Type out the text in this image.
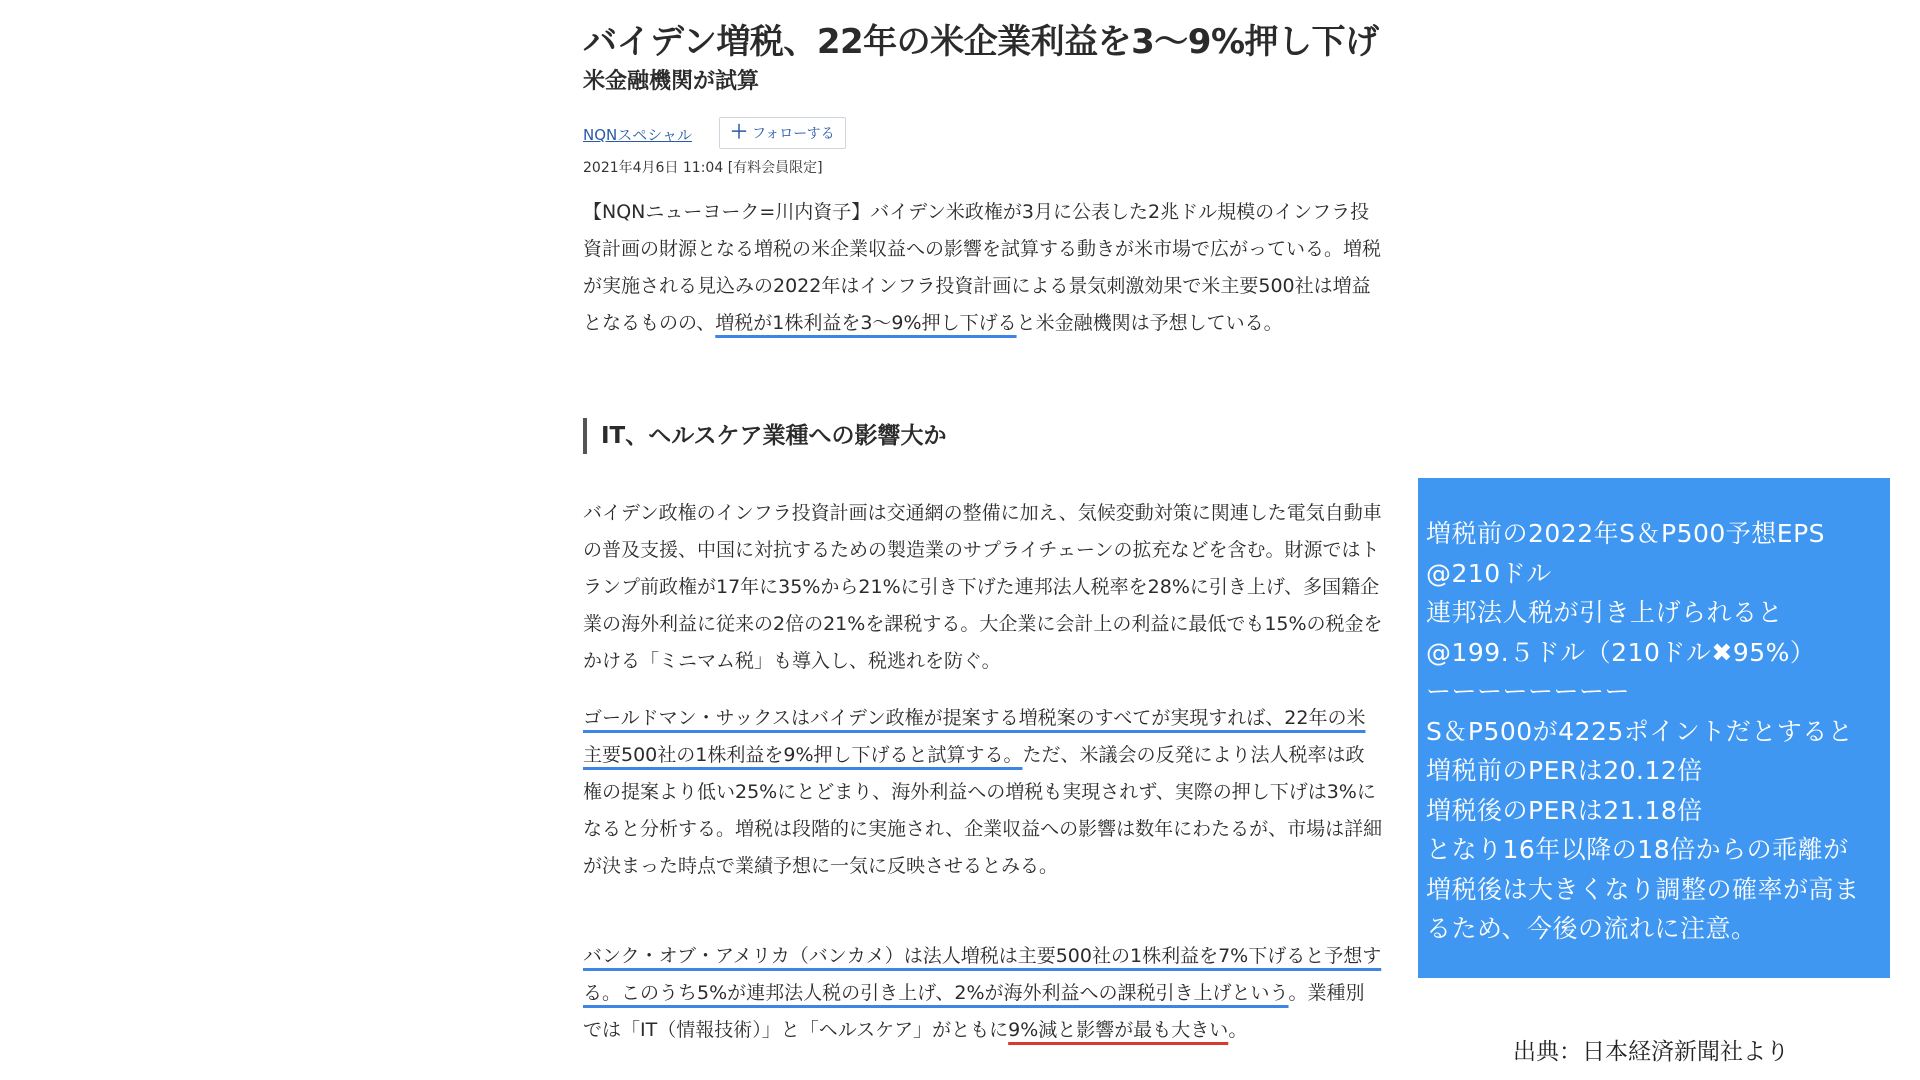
バイデン増税、22年の米企業利益を3〜9%押し下げ
米金融機関が試算
NQNスペシャル ＋ フォローする
2021年4月6日 11:04 [有料会員限定]

【NQNニューヨーク=川内資子】バイデン米政権が3月に公表した2兆ドル規模のインフラ投資計画の財源となる増税の米企業収益への影響を試算する動きが米市場で広がっている。増税が実施される見込みの2022年はインフラ投資計画による景気刺激効果で米主要500社は増益となるものの、増税が1株利益を3〜9%押し下げると米金融機関は予想している。

IT、ヘルスケア業種への影響大か

バイデン政権のインフラ投資計画は交通網の整備に加え、気候変動対策に関連した電気自動車の普及支援、中国に対抗するための製造業のサプライチェーンの拡充などを含む。財源ではトランプ前政権が17年に35%から21%に引き下げた連邦法人税率を28%に引き上げ、多国籍企業の海外利益に従来の2倍の21%を課税する。大企業に会計上の利益に最低でも15%の税金をかける「ミニマム税」も導入し、税逃れを防ぐ。

ゴールドマン・サックスはバイデン政権が提案する増税案のすべてが実現すれば、22年の米主要500社の1株利益を9%押し下げると試算する。ただ、米議会の反発により法人税率は政権の提案より低い25%にとどまり、海外利益への増税も実現されず、実際の押し下げは3%になると分析する。増税は段階的に実施され、企業収益への影響は数年にわたるが、市場は詳細が決まった時点で業績予想に一気に反映させるとみる。

バンク・オブ・アメリカ（バンカメ）は法人増税は主要500社の1株利益を7%下げると予想する。このうち5%が連邦法人税の引き上げ、2%が海外利益への課税引き上げという。業種別では「IT（情報技術）」と「ヘルスケア」がともに9%減と影響が最も大きい。

増税前の2022年S＆P500予想EPS
@210ドル
連邦法人税が引き上げられると
@199.５ドル（210ドル✖95%）
ーーーーーーーー
S＆P500が4225ポイントだとすると
増税前のPERは20.12倍
増税後のPERは21.18倍
となり16年以降の18倍からの乖離が
増税後は大きくなり調整の確率が高ま
るため、今後の流れに注意。
出典：日本経済新聞社より
